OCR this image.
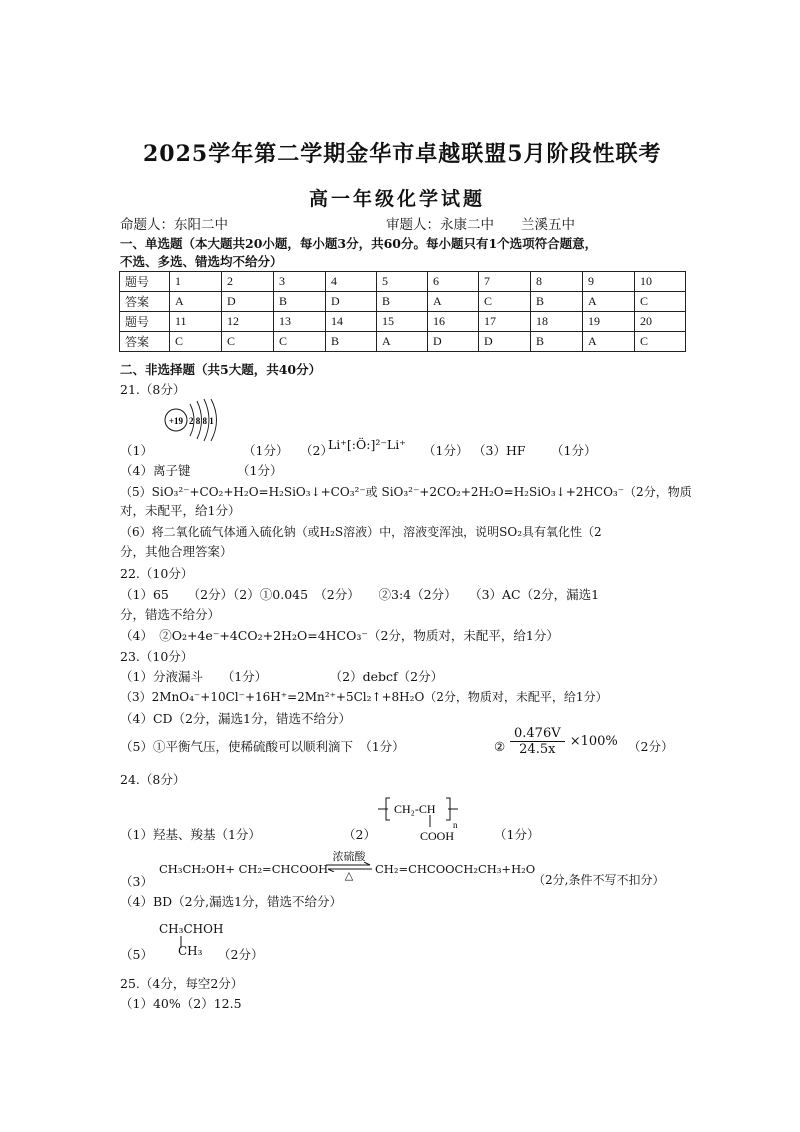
2025学年第二学期金华市卓越联盟5月阶段性联考
高一年级化学试题
命题人：东阳二中	审题人：永康二中　　兰溪五中
一、单选题（本大题共20小题，每小题3分，共60分。每小题只有1个选项符合题意，
不选、多选、错选均不给分）
题号	1	2	3	4	5	6	7	8	9	10
答案	A	D	B	D	B	A	C	B	A	C
题号	11	12	13	14	15	16	17	18	19	20
答案	C	C	C	B	A	D	D	B	A	C
二、非选择题（共5大题，共40分）
21.（8分）
+19 2 8 8 1
（1）	（1分） （2）
Li⁺[:Ö:]²⁻Li⁺ （1分） （3）HF （1分）
（4）离子键	（1分）
（5）SiO₃²⁻+CO₂+H₂O=H₂SiO₃↓+CO₃²⁻或 SiO₃²⁻+2CO₂+2H₂O=H₂SiO₃↓+2HCO₃⁻（2分，物质
对，未配平，给1分）
（6）将二氧化硫气体通入硫化钠（或H₂S溶液）中，溶液变浑浊，说明SO₂具有氧化性（2
分，其他合理答案）
22.（10分）
（1）65　　（2分）（2）①0.045　（2分）　　②3:4（2分）　　（3）AC（2分，漏选1
分，错选不给分）
（4）　②O₂+4e⁻+4CO₂+2H₂O=4HCO₃⁻（2分，物质对，未配平，给1分）
23.（10分）
（1）分液漏斗　　（1分）　　　　　　（2）debcf（2分）
（3）2MnO₄⁻+10Cl⁻+16H⁺=2Mn²⁺+5Cl₂↑+8H₂O（2分，物质对，未配平，给1分）
（4）CD（2分，漏选1分，错选不给分）
（5）①平衡气压，使稀硫酸可以顺利滴下　（1分）	② $\frac{0.476V}{24.5x} \times 100\%$ （2分）
24.（8分）
CH₂-CH
n
COOH
（1）羟基、羧基（1分）	（2）	（1分）
（3）
CH₃CH₂OH+ CH₂=CHCOOH
浓硫酸
△	CH₂=CHCOOCH₂CH₃+H₂O
（2分,条件不写不扣分）
（4）BD（2分,漏选1分，错选不给分）
CH₃CHOH
（5） CH₃ （2分）
25.（4分，每空2分）
（1）40%（2）12.5
